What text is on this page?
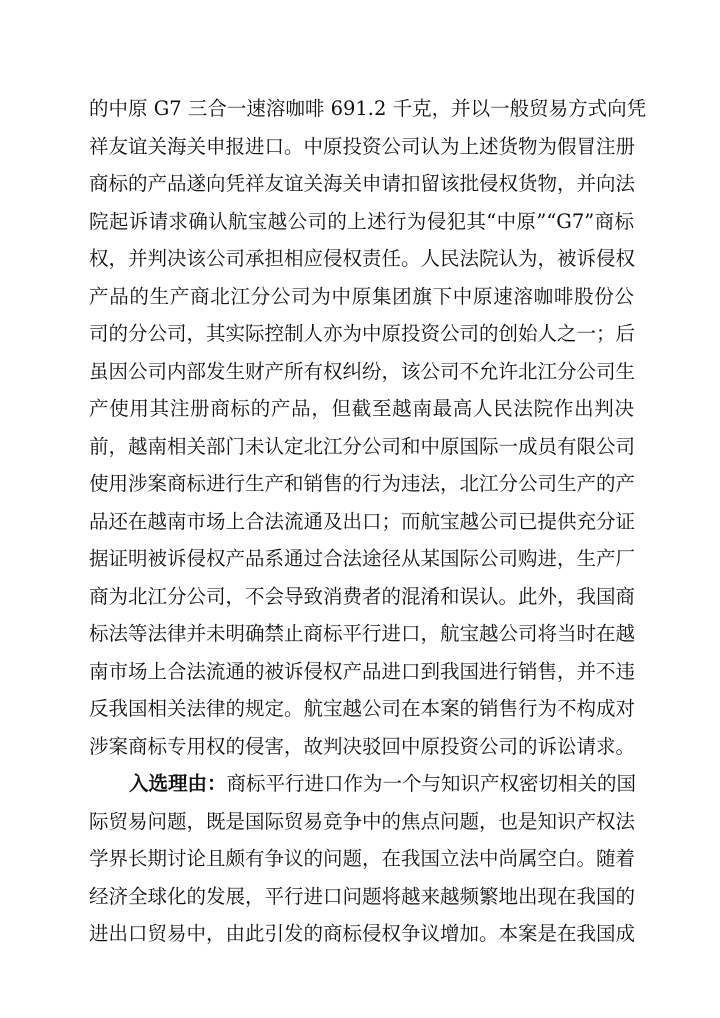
的中原 G7 三合一速溶咖啡 691.2 千克，并以一般贸易方式向凭
祥友谊关海关申报进口。中原投资公司认为上述货物为假冒注册
商标的产品遂向凭祥友谊关海关申请扣留该批侵权货物，并向法
院起诉请求确认航宝越公司的上述行为侵犯其“中原”“G7”商标
权，并判决该公司承担相应侵权责任。人民法院认为，被诉侵权
产品的生产商北江分公司为中原集团旗下中原速溶咖啡股份公
司的分公司，其实际控制人亦为中原投资公司的创始人之一；后
虽因公司内部发生财产所有权纠纷，该公司不允许北江分公司生
产使用其注册商标的产品，但截至越南最高人民法院作出判决
前，越南相关部门未认定北江分公司和中原国际一成员有限公司
使用涉案商标进行生产和销售的行为违法，北江分公司生产的产
品还在越南市场上合法流通及出口；而航宝越公司已提供充分证
据证明被诉侵权产品系通过合法途径从某国际公司购进，生产厂
商为北江分公司，不会导致消费者的混淆和误认。此外，我国商
标法等法律并未明确禁止商标平行进口，航宝越公司将当时在越
南市场上合法流通的被诉侵权产品进口到我国进行销售，并不违
反我国相关法律的规定。航宝越公司在本案的销售行为不构成对
涉案商标专用权的侵害，故判决驳回中原投资公司的诉讼请求。
入选理由：商标平行进口作为一个与知识产权密切相关的国
际贸易问题，既是国际贸易竞争中的焦点问题，也是知识产权法
学界长期讨论且颇有争议的问题，在我国立法中尚属空白。随着
经济全球化的发展，平行进口问题将越来越频繁地出现在我国的
进出口贸易中，由此引发的商标侵权争议增加。本案是在我国成
